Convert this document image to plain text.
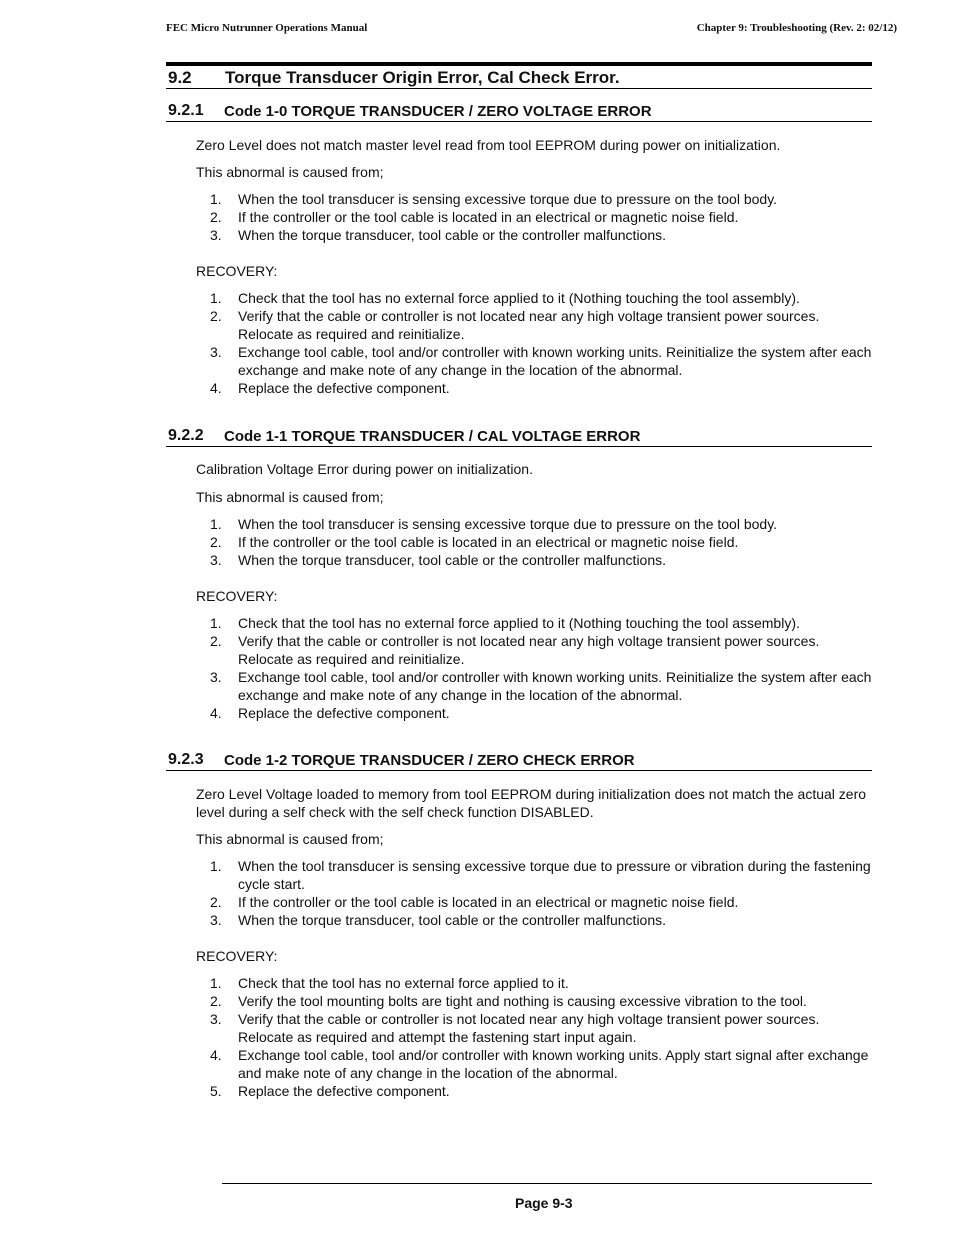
FEC Micro Nutrunner Operations Manual	Chapter 9: Troubleshooting (Rev. 2: 02/12)
9.2 Torque Transducer Origin Error, Cal Check Error.
9.2.1 Code 1-0 TORQUE TRANSDUCER / ZERO VOLTAGE ERROR

Zero Level does not match master level read from tool EEPROM during power on initialization.

This abnormal is caused from;

1. When the tool transducer is sensing excessive torque due to pressure on the tool body.
2. If the controller or the tool cable is located in an electrical or magnetic noise field.
3. When the torque transducer, tool cable or the controller malfunctions.

RECOVERY:

1. Check that the tool has no external force applied to it (Nothing touching the tool assembly).
2. Verify that the cable or controller is not located near any high voltage transient power sources. Relocate as required and reinitialize.
3. Exchange tool cable, tool and/or controller with known working units. Reinitialize the system after each exchange and make note of any change in the location of the abnormal.
4. Replace the defective component.
9.2.2 Code 1-1 TORQUE TRANSDUCER / CAL VOLTAGE ERROR

Calibration Voltage Error during power on initialization.

This abnormal is caused from;

1. When the tool transducer is sensing excessive torque due to pressure on the tool body.
2. If the controller or the tool cable is located in an electrical or magnetic noise field.
3. When the torque transducer, tool cable or the controller malfunctions.

RECOVERY:

1. Check that the tool has no external force applied to it (Nothing touching the tool assembly).
2. Verify that the cable or controller is not located near any high voltage transient power sources. Relocate as required and reinitialize.
3. Exchange tool cable, tool and/or controller with known working units. Reinitialize the system after each exchange and make note of any change in the location of the abnormal.
4. Replace the defective component.
9.2.3 Code 1-2 TORQUE TRANSDUCER / ZERO CHECK ERROR

Zero Level Voltage loaded to memory from tool EEPROM during initialization does not match the actual zero level during a self check with the self check function DISABLED.

This abnormal is caused from;

1. When the tool transducer is sensing excessive torque due to pressure or vibration during the fastening cycle start.
2. If the controller or the tool cable is located in an electrical or magnetic noise field.
3. When the torque transducer, tool cable or the controller malfunctions.

RECOVERY:

1. Check that the tool has no external force applied to it.
2. Verify the tool mounting bolts are tight and nothing is causing excessive vibration to the tool.
3. Verify that the cable or controller is not located near any high voltage transient power sources. Relocate as required and attempt the fastening start input again.
4. Exchange tool cable, tool and/or controller with known working units. Apply start signal after exchange and make note of any change in the location of the abnormal.
5. Replace the defective component.
Page 9-3
